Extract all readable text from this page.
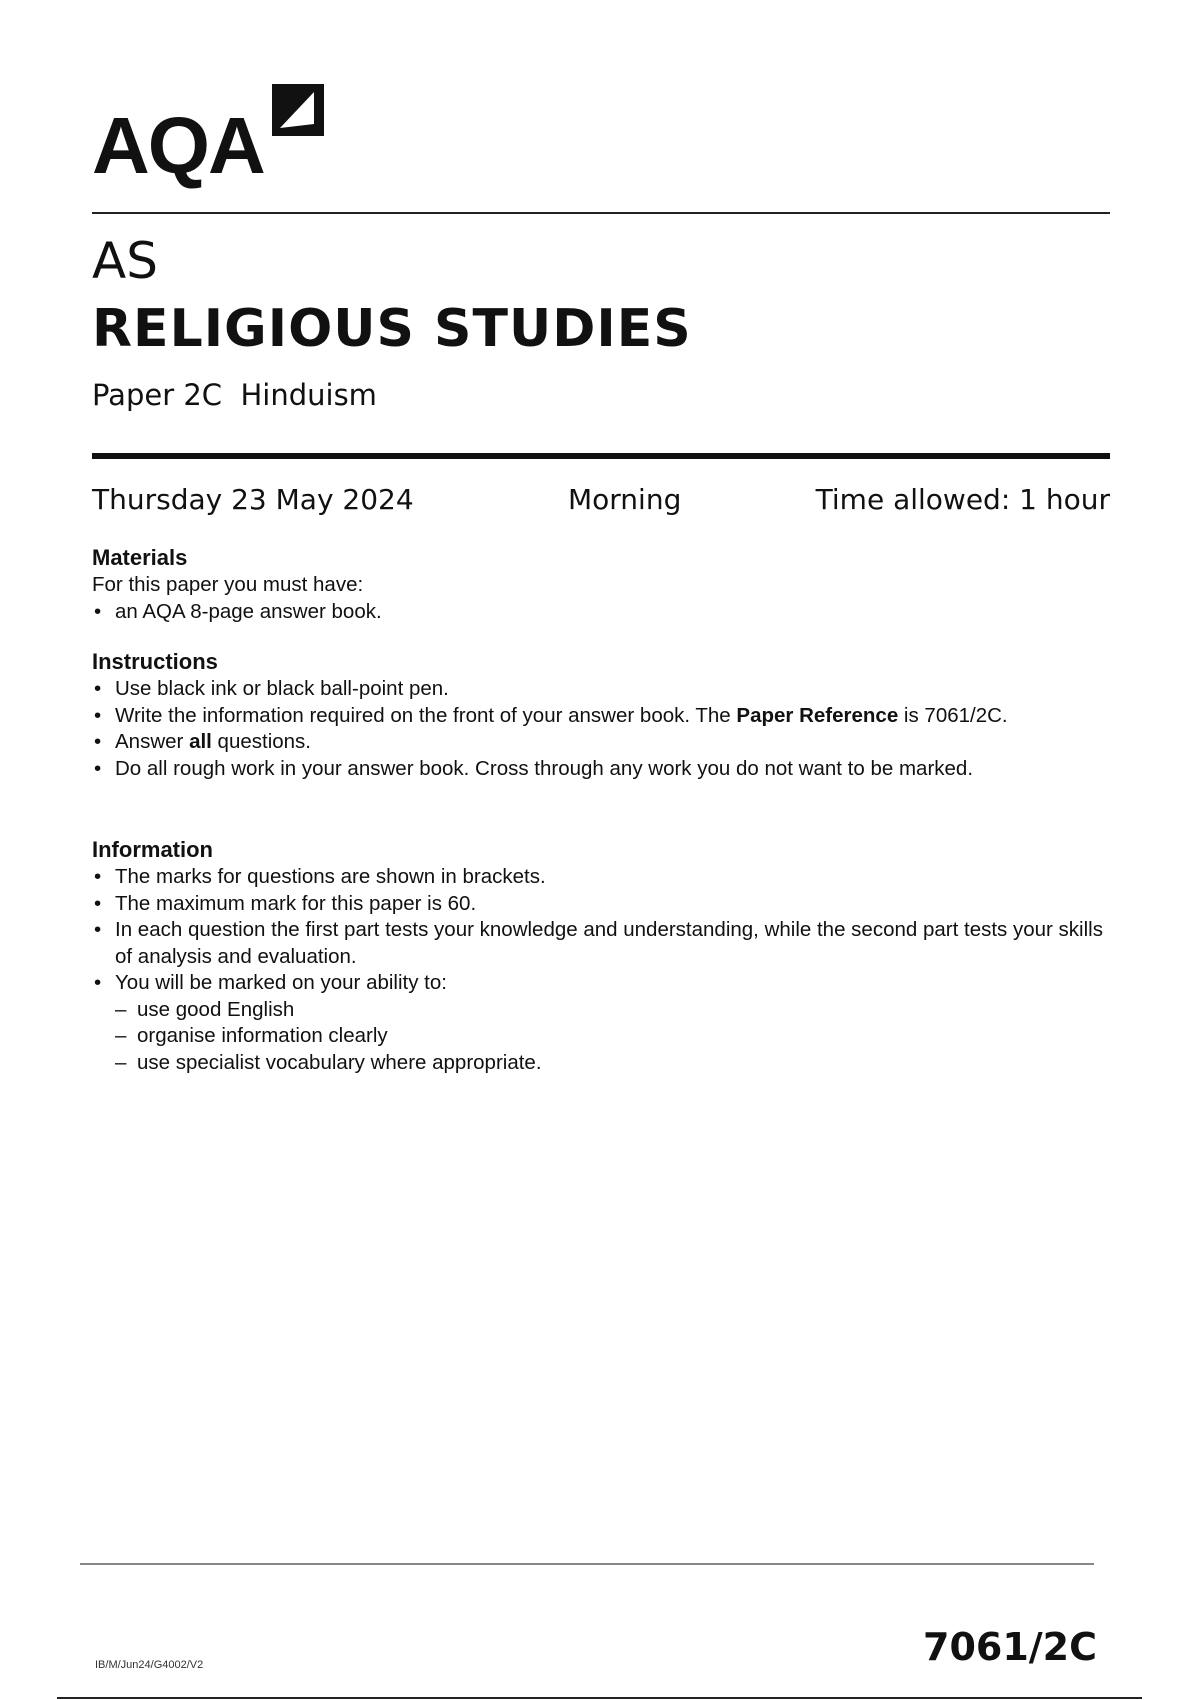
AQA
AS
RELIGIOUS STUDIES
Paper 2C  Hinduism
Thursday 23 May 2024	Morning	Time allowed: 1 hour
Materials

For this paper you must have:

• an AQA 8-page answer book.
Instructions
• Use black ink or black ball-point pen.
• Write the information required on the front of your answer book. The Paper Reference is 7061/2C.
• Answer all questions.
• Do all rough work in your answer book. Cross through any work you do not want to be marked.
Information
• The marks for questions are shown in brackets.
• The maximum mark for this paper is 60.
• In each question the first part tests your knowledge and understanding, while the second part tests your skills of analysis and evaluation.
• You will be marked on your ability to:
– use good English
– organise information clearly
– use specialist vocabulary where appropriate.
IB/M/Jun24/G4002/V2	7061/2C
